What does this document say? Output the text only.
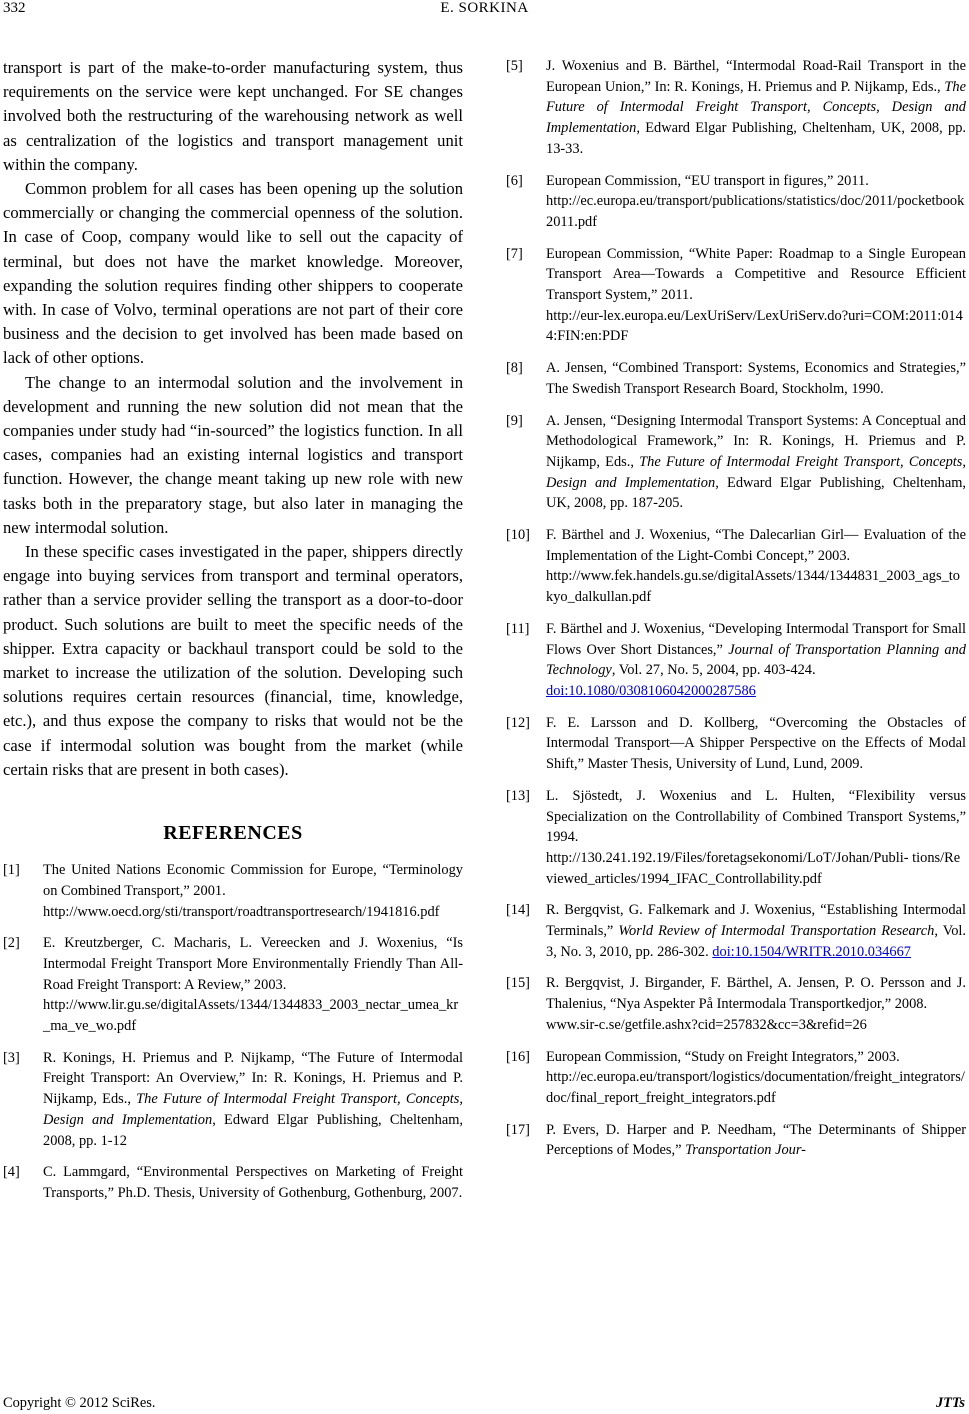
332	E. SORKINA

transport is part of the make-to-order manufacturing system, thus requirements on the service were kept unchanged. For SE changes involved both the restructuring of the warehousing network as well as centralization of the logistics and transport management unit within the company.

Common problem for all cases has been opening up the solution commercially or changing the commercial openness of the solution. In case of Coop, company would like to sell out the capacity of terminal, but does not have the market knowledge. Moreover, expanding the solution requires finding other shippers to cooperate with. In case of Volvo, terminal operations are not part of their core business and the decision to get involved has been made based on lack of other options.

The change to an intermodal solution and the involvement in development and running the new solution did not mean that the companies under study had “in-sourced” the logistics function. In all cases, companies had an existing internal logistics and transport function. However, the change meant taking up new role with new tasks both in the preparatory stage, but also later in managing the new intermodal solution.

In these specific cases investigated in the paper, shippers directly engage into buying services from transport and terminal operators, rather than a service provider selling the transport as a door-to-door product. Such solutions are built to meet the specific needs of the shipper. Extra capacity or backhaul transport could be sold to the market to increase the utilization of the solution. Developing such solutions requires certain resources (financial, time, knowledge, etc.), and thus expose the company to risks that would not be the case if intermodal solution was bought from the market (while certain risks that are present in both cases).

REFERENCES
[1] The United Nations Economic Commission for Europe, “Terminology on Combined Transport,” 2001.
http://www.oecd.org/sti/transport/roadtransportresearch/1941816.pdf
[2] E. Kreutzberger, C. Macharis, L. Vereecken and J. Woxenius, “Is Intermodal Freight Transport More Environmentally Friendly Than All-Road Freight Transport: A Review,” 2003.
http://www.lir.gu.se/digitalAssets/1344/1344833_2003_nectar_umea_kr_ma_ve_wo.pdf
[3] R. Konings, H. Priemus and P. Nijkamp, “The Future of Intermodal Freight Transport: An Overview,” In: R. Konings, H. Priemus and P. Nijkamp, Eds., The Future of Intermodal Freight Transport, Concepts, Design and Implementation, Edward Elgar Publishing, Cheltenham, 2008, pp. 1-12
[4] C. Lammgard, “Environmental Perspectives on Marketing of Freight Transports,” Ph.D. Thesis, University of Gothenburg, Gothenburg, 2007.
[5] J. Woxenius and B. Bärthel, “Intermodal Road-Rail Transport in the European Union,” In: R. Konings, H. Priemus and P. Nijkamp, Eds., The Future of Intermodal Freight Transport, Concepts, Design and Implementation, Edward Elgar Publishing, Cheltenham, UK, 2008, pp. 13-33.
[6] European Commission, “EU transport in figures,” 2011.
http://ec.europa.eu/transport/publications/statistics/doc/2011/pocketbook2011.pdf
[7] European Commission, “White Paper: Roadmap to a Single European Transport Area—Towards a Competitive and Resource Efficient Transport System,” 2011.
http://eur-lex.europa.eu/LexUriServ/LexUriServ.do?uri=COM:2011:0144:FIN:en:PDF
[8] A. Jensen, “Combined Transport: Systems, Economics and Strategies,” The Swedish Transport Research Board, Stockholm, 1990.
[9] A. Jensen, “Designing Intermodal Transport Systems: A Conceptual and Methodological Framework,” In: R. Konings, H. Priemus and P. Nijkamp, Eds., The Future of Intermodal Freight Transport, Concepts, Design and Implementation, Edward Elgar Publishing, Cheltenham, UK, 2008, pp. 187-205.
[10] F. Bärthel and J. Woxenius, “The Dalecarlian Girl— Evaluation of the Implementation of the Light-Combi Concept,” 2003.
http://www.fek.handels.gu.se/digitalAssets/1344/1344831_2003_ags_tokyo_dalkullan.pdf
[11] F. Bärthel and J. Woxenius, “Developing Intermodal Transport for Small Flows Over Short Distances,” Journal of Transportation Planning and Technology, Vol. 27, No. 5, 2004, pp. 403-424.
doi:10.1080/0308106042000287586
[12] F. E. Larsson and D. Kollberg, “Overcoming the Obstacles of Intermodal Transport—A Shipper Perspective on the Effects of Modal Shift,” Master Thesis, University of Lund, Lund, 2009.
[13] L. Sjöstedt, J. Woxenius and L. Hulten, “Flexibility versus Specialization on the Controllability of Combined Transport Systems,” 1994.
http://130.241.192.19/Files/foretagsekonomi/LoT/Johan/Publi- tions/Reviewed_articles/1994_IFAC_Controllability.pdf
[14] R. Bergqvist, G. Falkemark and J. Woxenius, “Establishing Intermodal Terminals,” World Review of Intermodal Transportation Research, Vol. 3, No. 3, 2010, pp. 286-302. doi:10.1504/WRITR.2010.034667
[15] R. Bergqvist, J. Birgander, F. Bärthel, A. Jensen, P. O. Persson and J. Thalenius, “Nya Aspekter På Intermodala Transportkedjor,” 2008.
www.sir-c.se/getfile.ashx?cid=257832&cc=3&refid=26
[16] European Commission, “Study on Freight Integrators,” 2003.
http://ec.europa.eu/transport/logistics/documentation/freight_integrators/doc/final_report_freight_integrators.pdf
[17] P. Evers, D. Harper and P. Needham, “The Determinants of Shipper Perceptions of Modes,” Transportation Jour-
Copyright © 2012 SciRes.	JTTs
